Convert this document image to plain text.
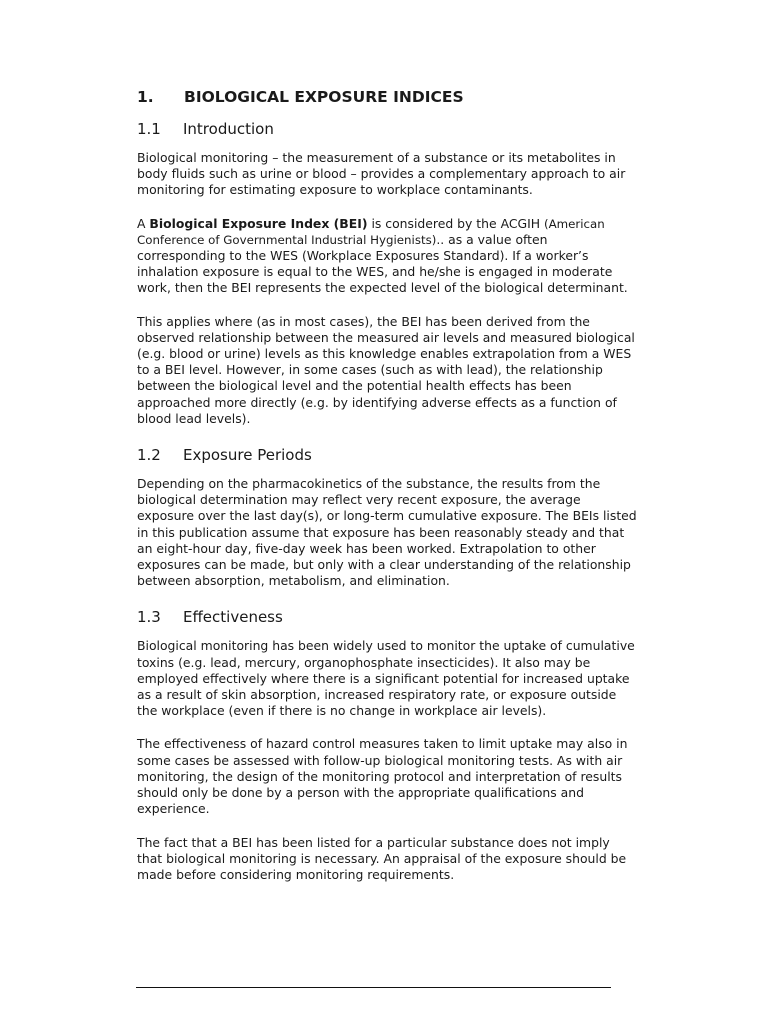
1.	BIOLOGICAL EXPOSURE INDICES
1.1	Introduction

Biological monitoring – the measurement of a substance or its metabolites in body fluids such as urine or blood – provides a complementary approach to air monitoring for estimating exposure to workplace contaminants.

A Biological Exposure Index (BEI) is considered by the ACGIH (American Conference of Governmental Industrial Hygienists).. as a value often corresponding to the WES (Workplace Exposures Standard). If a worker’s inhalation exposure is equal to the WES, and he/she is engaged in moderate work, then the BEI represents the expected level of the biological determinant.

This applies where (as in most cases), the BEI has been derived from the observed relationship between the measured air levels and measured biological (e.g. blood or urine) levels as this knowledge enables extrapolation from a WES to a BEI level. However, in some cases (such as with lead), the relationship between the biological level and the potential health effects has been approached more directly (e.g. by identifying adverse effects as a function of blood lead levels).

1.2	Exposure Periods

Depending on the pharmacokinetics of the substance, the results from the biological determination may reflect very recent exposure, the average exposure over the last day(s), or long-term cumulative exposure. The BEIs listed in this publication assume that exposure has been reasonably steady and that an eight-hour day, five-day week has been worked. Extrapolation to other exposures can be made, but only with a clear understanding of the relationship between absorption, metabolism, and elimination.

1.3	Effectiveness

Biological monitoring has been widely used to monitor the uptake of cumulative toxins (e.g. lead, mercury, organophosphate insecticides). It also may be employed effectively where there is a significant potential for increased uptake as a result of skin absorption, increased respiratory rate, or exposure outside the workplace (even if there is no change in workplace air levels).

The effectiveness of hazard control measures taken to limit uptake may also in some cases be assessed with follow-up biological monitoring tests. As with air monitoring, the design of the monitoring protocol and interpretation of results should only be done by a person with the appropriate qualifications and experience.

The fact that a BEI has been listed for a particular substance does not imply that biological monitoring is necessary. An appraisal of the exposure should be made before considering monitoring requirements.
